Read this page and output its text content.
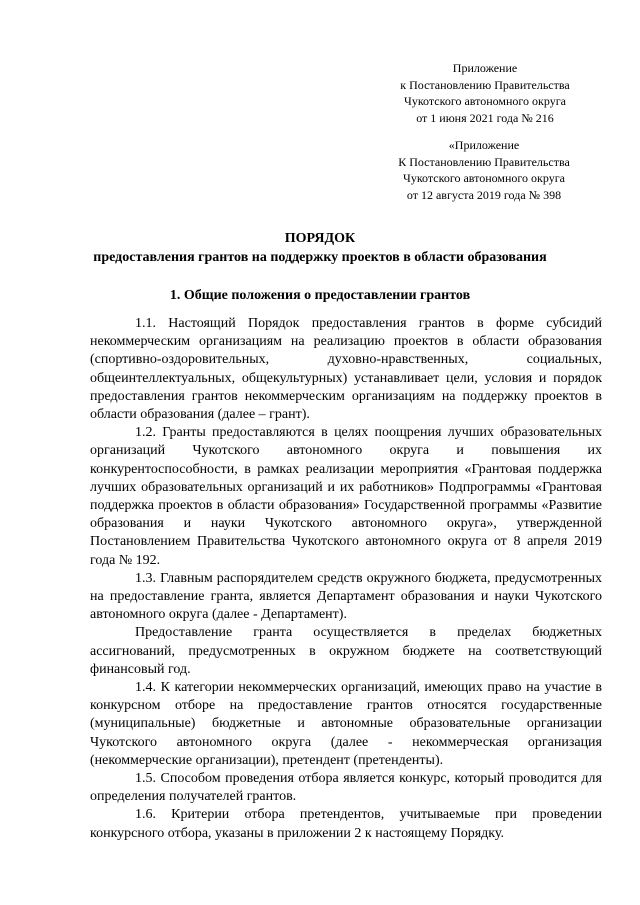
Приложение
к Постановлению Правительства
Чукотского автономного округа
от 1 июня 2021 года № 216
«Приложение
К Постановлению Правительства
Чукотского автономного округа
от 12 августа 2019 года № 398
ПОРЯДОК
предоставления грантов на поддержку проектов в области образования
1. Общие положения о предоставлении грантов

1.1. Настоящий Порядок предоставления грантов в форме субсидий некоммерческим организациям на реализацию проектов в области образования (спортивно-оздоровительных, духовно-нравственных, социальных, общеинтеллектуальных, общекультурных) устанавливает цели, условия и порядок предоставления грантов некоммерческим организациям на поддержку проектов в области образования (далее – грант).

1.2. Гранты предоставляются в целях поощрения лучших образовательных организаций Чукотского автономного округа и повышения их конкурентоспособности, в рамках реализации мероприятия «Грантовая поддержка лучших образовательных организаций и их работников» Подпрограммы «Грантовая поддержка проектов в области образования» Государственной программы «Развитие образования и науки Чукотского автономного округа», утвержденной Постановлением Правительства Чукотского автономного округа от 8 апреля 2019 года № 192.

1.3. Главным распорядителем средств окружного бюджета, предусмотренных на предоставление гранта, является Департамент образования и науки Чукотского автономного округа (далее - Департамент).

Предоставление гранта осуществляется в пределах бюджетных ассигнований, предусмотренных в окружном бюджете на соответствующий финансовый год.

1.4. К категории некоммерческих организаций, имеющих право на участие в конкурсном отборе на предоставление грантов относятся государственные (муниципальные) бюджетные и автономные образовательные организации Чукотского автономного округа (далее - некоммерческая организация (некоммерческие организации), претендент (претенденты).

1.5. Способом проведения отбора является конкурс, который проводится для определения получателей грантов.

1.6. Критерии отбора претендентов, учитываемые при проведении конкурсного отбора, указаны в приложении 2 к настоящему Порядку.
